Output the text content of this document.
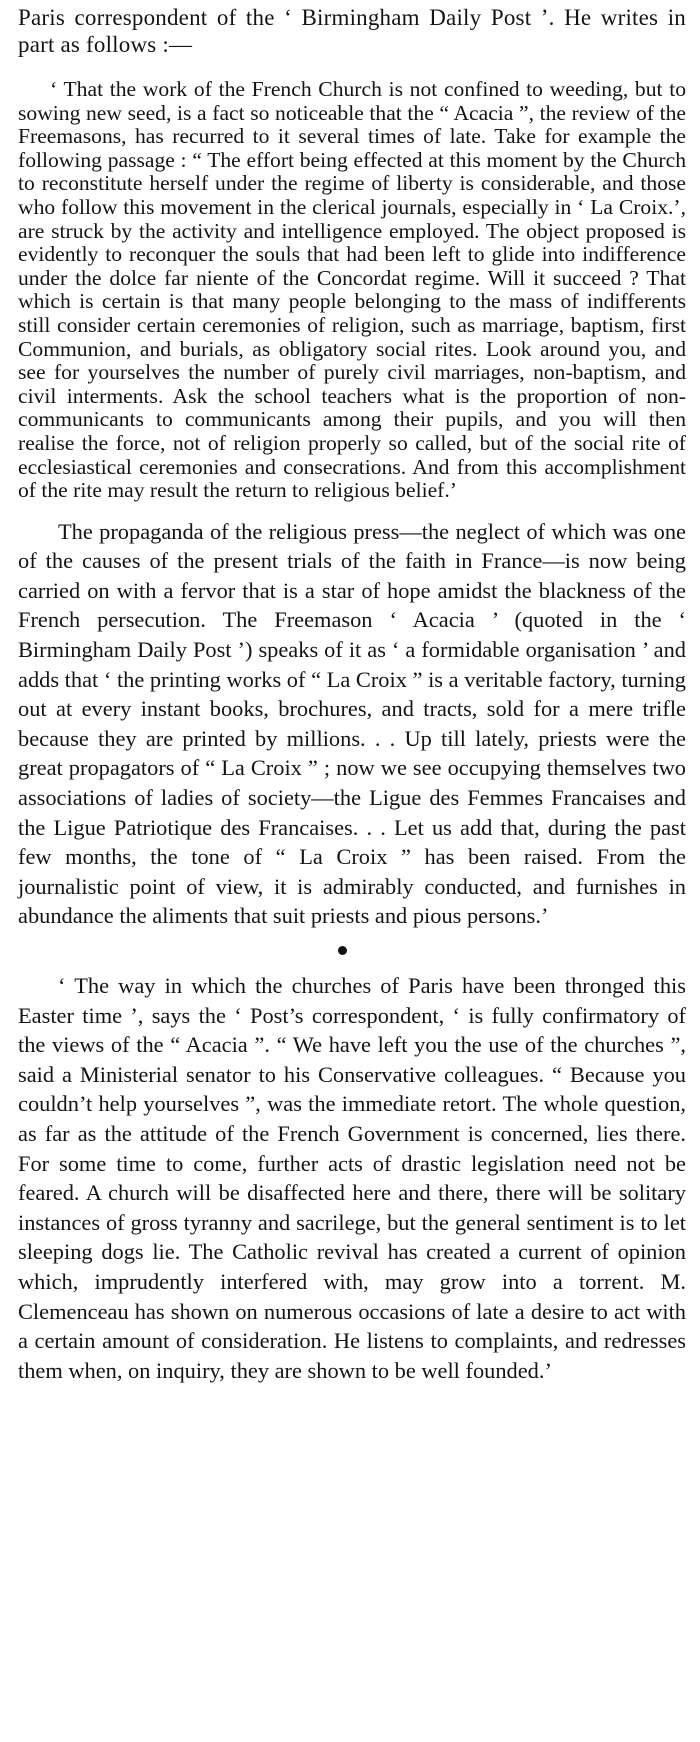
Paris correspondent of the ‘ Birmingham Daily Post ’. He writes in part as follows :—

‘ That the work of the French Church is not confined to weeding, but to sowing new seed, is a fact so noticeable that the “ Acacia ”, the review of the Freemasons, has recurred to it several times of late. Take for example the following passage : “ The effort being effected at this moment by the Church to reconstitute herself under the regime of liberty is considerable, and those who follow this movement in the clerical journals, especially in ‘ La Croix.’, are struck by the activity and intelligence employed. The object proposed is evidently to reconquer the souls that had been left to glide into indifference under the dolce far niente of the Concordat regime. Will it succeed ? That which is certain is that many people belonging to the mass of indifferents still consider certain ceremonies of religion, such as marriage, baptism, first Communion, and burials, as obligatory social rites. Look around you, and see for yourselves the number of purely civil marriages, non-baptism, and civil interments. Ask the school teachers what is the proportion of non-communicants to communicants among their pupils, and you will then realise the force, not of religion properly so called, but of the social rite of ecclesiastical ceremonies and consecrations. And from this accomplishment of the rite may result the return to religious belief.’

The propaganda of the religious press—the neglect of which was one of the causes of the present trials of the faith in France—is now being carried on with a fervor that is a star of hope amidst the blackness of the French persecution. The Freemason ‘ Acacia ’ (quoted in the ‘ Birmingham Daily Post ’) speaks of it as ‘ a formidable organisation ’ and adds that ‘ the printing works of “ La Croix ” is a veritable factory, turning out at every instant books, brochures, and tracts, sold for a mere trifle because they are printed by millions. . . Up till lately, priests were the great propagators of “ La Croix ” ; now we see occupying themselves two associations of ladies of society—the Ligue des Femmes Francaises and the Ligue Patriotique des Francaises. . . Let us add that, during the past few months, the tone of “ La Croix ” has been raised. From the journalistic point of view, it is admirably conducted, and furnishes in abundance the aliments that suit priests and pious persons.’

‘ The way in which the churches of Paris have been thronged this Easter time ’, says the ‘ Post’s correspondent, ‘ is fully confirmatory of the views of the “ Acacia ”. “ We have left you the use of the churches ”, said a Ministerial senator to his Conservative colleagues. “ Because you couldn’t help yourselves ”, was the immediate retort. The whole question, as far as the attitude of the French Government is concerned, lies there. For some time to come, further acts of drastic legislation need not be feared. A church will be disaffected here and there, there will be solitary instances of gross tyranny and sacrilege, but the general sentiment is to let sleeping dogs lie. The Catholic revival has created a current of opinion which, imprudently interfered with, may grow into a torrent. M. Clemenceau has shown on numerous occasions of late a desire to act with a certain amount of consideration. He listens to complaints, and redresses them when, on inquiry, they are shown to be well founded.’
